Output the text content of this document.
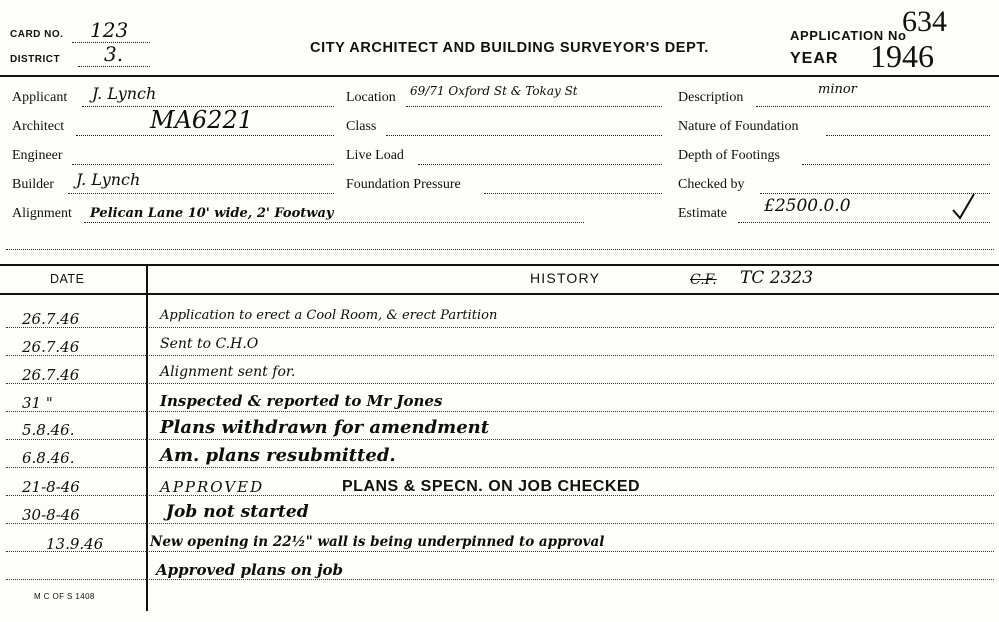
CARD NO. 123
DISTRICT 3.	CITY ARCHITECT AND BUILDING SURVEYOR'S DEPT.
APPLICATION No
634
YEAR 1946
Applicant J. Lynch
Architect	MA6221
Engineer
Builder J. Lynch
Alignment Pelican Lane 10' wide, 2' Footway
Location 69/71 Oxford St & Tokay St
Class
Live Load
Foundation Pressure
Description
minor
Nature of Foundation
Depth of Footings
Checked by
Estimate £2500.0.0
DATE	HISTORY	C.F. TC 2323
26.7.46	Application to erect a Cool Room, & erect Partition
26.7.46	Sent to C.H.O
26.7.46	Alignment sent for.
31 "	Inspected & reported to Mr Jones
5.8.46.	Plans withdrawn for amendment
6.8.46.	Am. plans resubmitted.
21-8-46	APPROVED	PLANS & SPECN. ON JOB CHECKED
30-8-46	Job not started
13.9.46	New opening in 22½" wall is being underpinned to approval
Approved plans on job
M C OF S 1408
